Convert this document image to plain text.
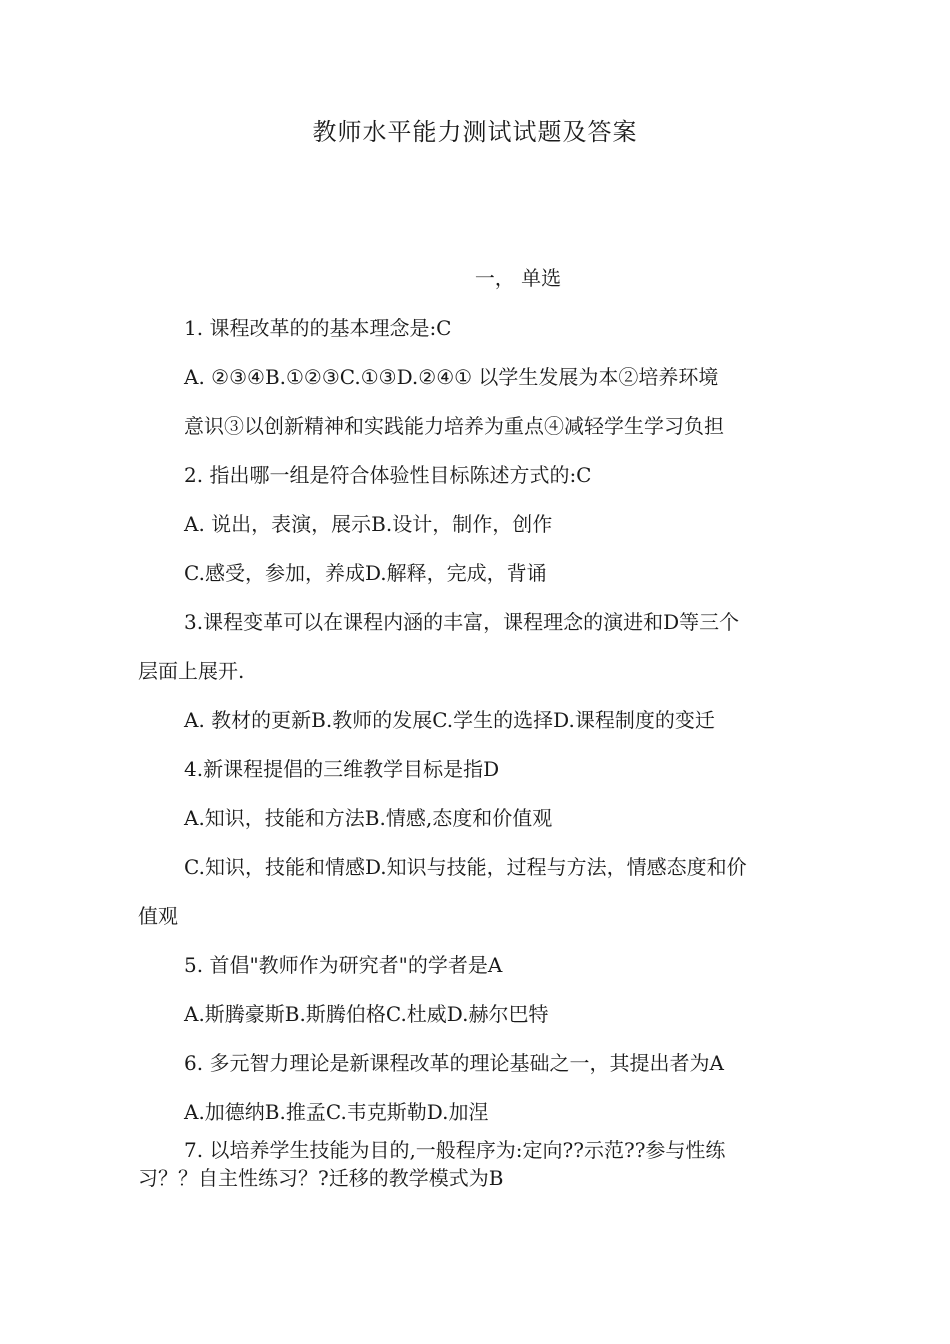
教师水平能力测试试题及答案
一， 单选
1. 课程改革的的基本理念是:C
A. ②③④B.①②③C.①③D.②④① 以学生发展为本②培养环境
意识③以创新精神和实践能力培养为重点④减轻学生学习负担
2. 指出哪一组是符合体验性目标陈述方式的:C
A. 说出，表演，展示B.设计，制作，创作
C.感受，参加，养成D.解释，完成，背诵
3.课程变革可以在课程内涵的丰富，课程理念的演进和D等三个
层面上展开.
A. 教材的更新B.教师的发展C.学生的选择D.课程制度的变迁
4.新课程提倡的三维教学目标是指D
A.知识，技能和方法B.情感,态度和价值观
C.知识，技能和情感D.知识与技能，过程与方法，情感态度和价
值观
5. 首倡"教师作为研究者"的学者是A
A.斯腾豪斯B.斯腾伯格C.杜威D.赫尔巴特
6. 多元智力理论是新课程改革的理论基础之一，其提出者为A
A.加德纳B.推孟C.韦克斯勒D.加涅
7. 以培养学生技能为目的,一般程序为:定向??示范??参与性练
习？？自主性练习？?迁移的教学模式为B
